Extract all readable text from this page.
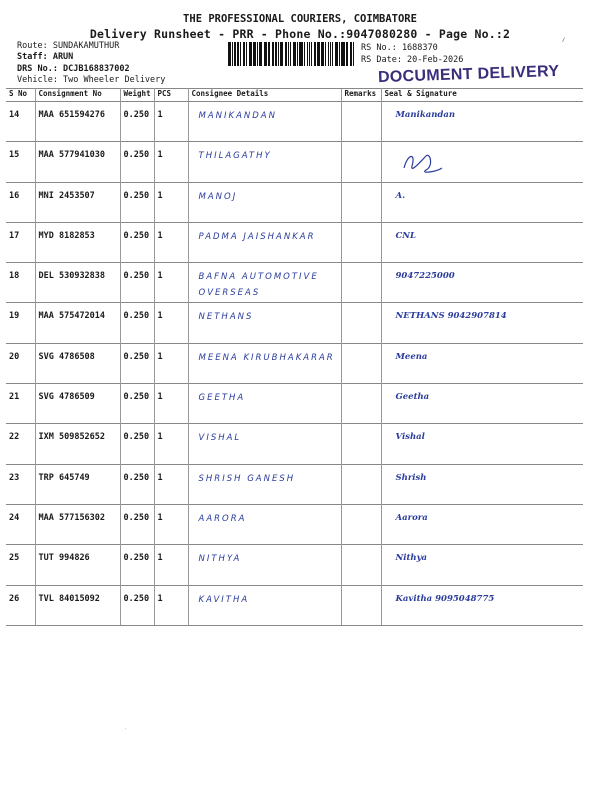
THE PROFESSIONAL COURIERS, COIMBATORE
Delivery Runsheet - PRR - Phone No.:9047080280 - Page No.:2	⸝
Route: SUNDAKAMUTHUR
Staff: ARUN
DRS No.: DCJB168837002
Vehicle: Two Wheeler Delivery
RS No.: 1688370
RS Date: 20-Feb-2026
DOCUMENT DELIVERY
S No	Consignment No	Weight	PCS	Consignee Details	Remarks	Seal & Signature
14	MAA 651594276	0.250	1	MANIKANDAN		Manikandan
15	MAA 577941030	0.250	1	THILAGATHY		

16	MNI 2453507	0.250	1	MANOJ		A.
17	MYD 8182853	0.250	1	PADMA JAISHANKAR		CNL
18	DEL 530932838	0.250	1	BAFNA AUTOMOTIVE OVERSEAS		9047225000
19	MAA 575472014	0.250	1	NETHANS		NETHANS 9042907814
20	SVG 4786508	0.250	1	MEENA KIRUBHAKARAR		Meena
21	SVG 4786509	0.250	1	GEETHA		Geetha
22	IXM 509852652	0.250	1	VISHAL		Vishal
23	TRP 645749	0.250	1	SHRISH GANESH		Shrish
24	MAA 577156302	0.250	1	AARORA		Aarora
25	TUT 994826	0.250	1	NITHYA		Nithya
26	TVL 84015092	0.250	1	KAVITHA		Kavitha 9095048775
˙
